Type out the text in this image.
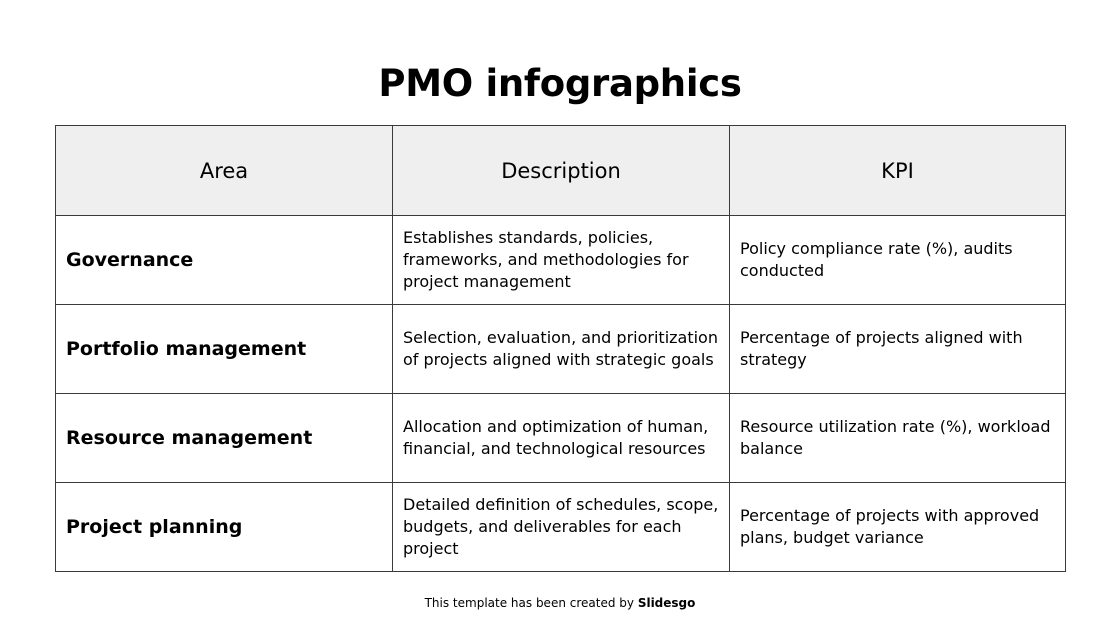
PMO infographics
Area	Description	KPI
Governance	Establishes standards, policies, frameworks, and methodologies for project management	Policy compliance rate (%), audits conducted
Portfolio management	Selection, evaluation, and prioritization of projects aligned with strategic goals	Percentage of projects aligned with strategy
Resource management	Allocation and optimization of human, financial, and technological resources	Resource utilization rate (%), workload balance
Project planning	Detailed definition of schedules, scope, budgets, and deliverables for each project	Percentage of projects with approved plans, budget variance
This template has been created by Slidesgo
